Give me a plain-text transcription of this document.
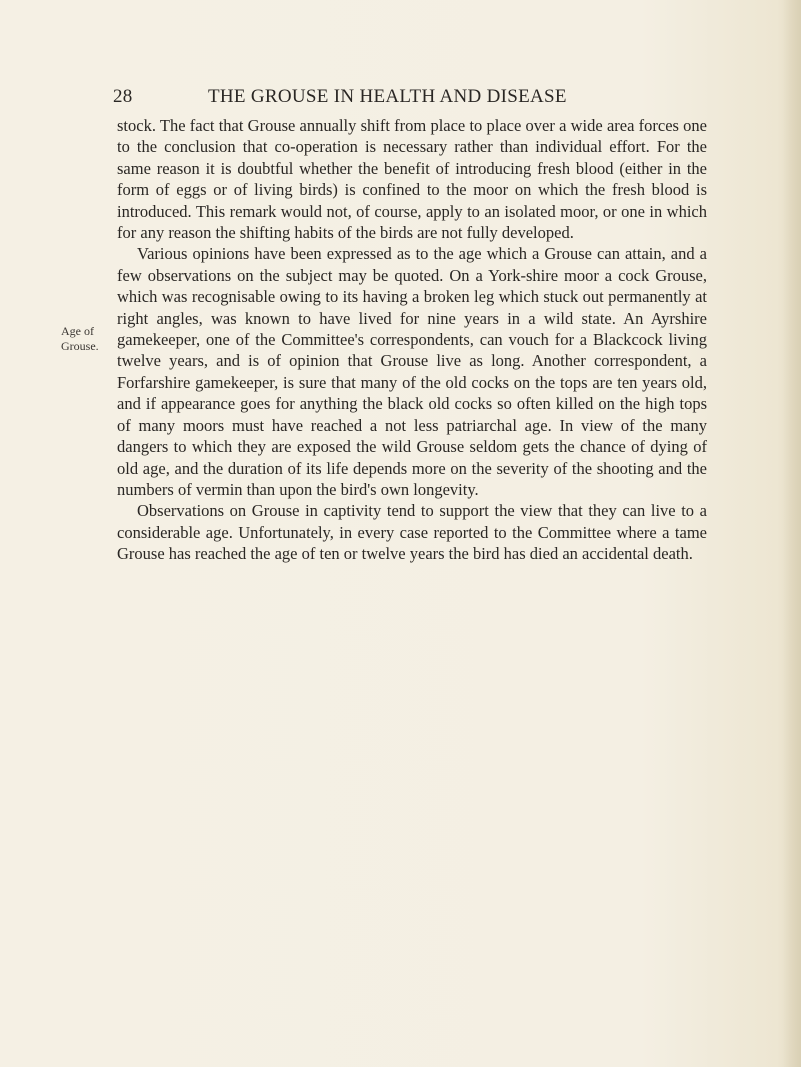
28	THE GROUSE IN HEALTH AND DISEASE
Age of
Grouse.

stock. The fact that Grouse annually shift from place to place over a wide area forces one to the conclusion that co-operation is necessary rather than individual effort. For the same reason it is doubtful whether the benefit of introducing fresh blood (either in the form of eggs or of living birds) is confined to the moor on which the fresh blood is introduced. This remark would not, of course, apply to an isolated moor, or one in which for any reason the shifting habits of the birds are not fully developed.

Various opinions have been expressed as to the age which a Grouse can attain, and a few observations on the subject may be quoted. On a York-shire moor a cock Grouse, which was recognisable owing to its having a broken leg which stuck out permanently at right angles, was known to have lived for nine years in a wild state. An Ayrshire gamekeeper, one of the Committee's correspondents, can vouch for a Blackcock living twelve years, and is of opinion that Grouse live as long. Another correspondent, a Forfarshire gamekeeper, is sure that many of the old cocks on the tops are ten years old, and if appearance goes for anything the black old cocks so often killed on the high tops of many moors must have reached a not less patriarchal age. In view of the many dangers to which they are exposed the wild Grouse seldom gets the chance of dying of old age, and the duration of its life depends more on the severity of the shooting and the numbers of vermin than upon the bird's own longevity.

Observations on Grouse in captivity tend to support the view that they can live to a considerable age. Unfortunately, in every case reported to the Committee where a tame Grouse has reached the age of ten or twelve years the bird has died an accidental death.
